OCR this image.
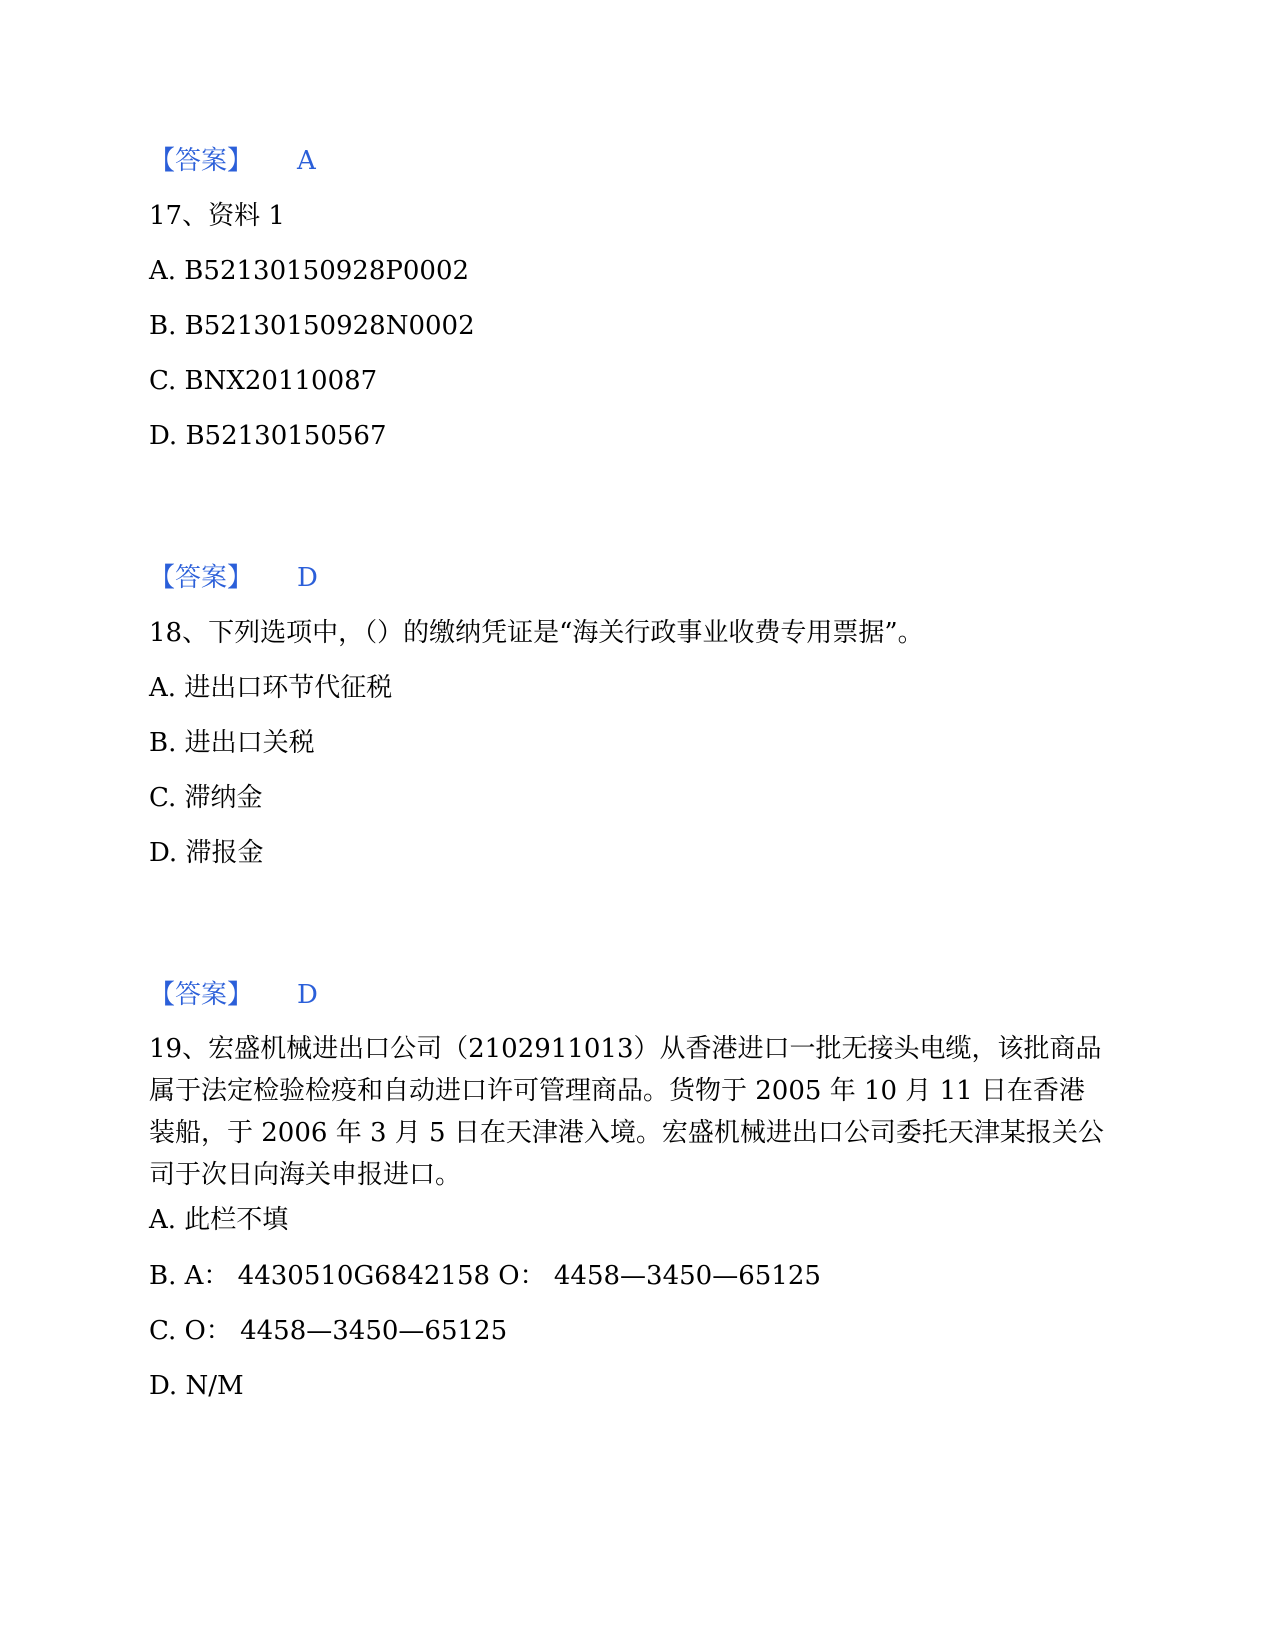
【答案】 A
17、资料 1
A. B52130150928P0002
B. B52130150928N0002
C. BNX20110087
D. B52130150567
【答案】 D
18、下列选项中，（）的缴纳凭证是“海关行政事业收费专用票据”。
A. 进出口环节代征税
B. 进出口关税
C. 滞纳金
D. 滞报金
【答案】 D
19、宏盛机械进出口公司（2102911013）从香港进口一批无接头电缆，该批商品属于法定检验检疫和自动进口许可管理商品。货物于 2005 年 10 月 11 日在香港装船，于 2006 年 3 月 5 日在天津港入境。宏盛机械进出口公司委托天津某报关公司于次日向海关申报进口。
A. 此栏不填
B. A： 4430510G6842158 O： 4458—3450—65125
C. O： 4458—3450—65125
D. N/M
